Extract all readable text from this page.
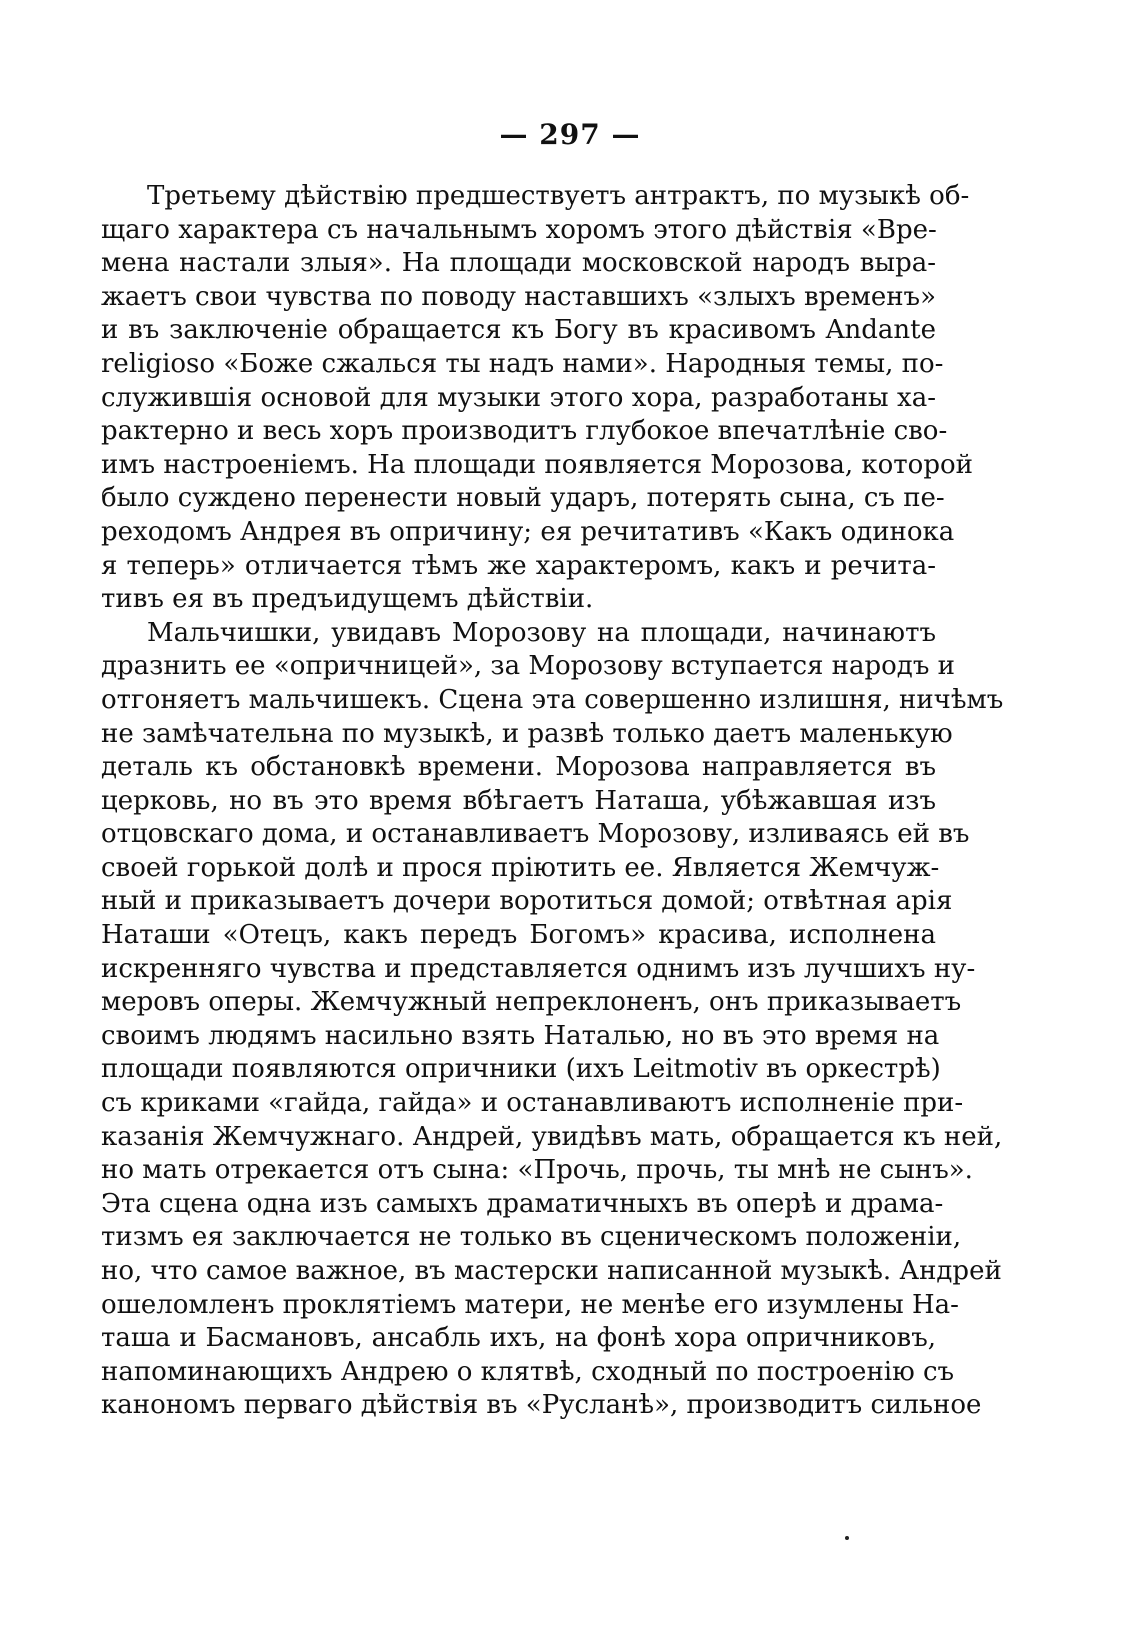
— 297 —
Третьему дѣйствію предшествуетъ антрактъ, по музыкѣ об-
щаго характера съ начальнымъ хоромъ этого дѣйствія «Вре-
мена настали злыя». На площади московской народъ выра-
жаетъ свои чувства по поводу наставшихъ «злыхъ временъ»
и въ заключеніе обращается къ Богу въ красивомъ Andante
religioso «Боже сжалься ты надъ нами». Народныя темы, по-
служившія основой для музыки этого хора, разработаны ха-
рактерно и весь хоръ производитъ глубокое впечатлѣніе сво-
имъ настроеніемъ. На площади появляется Морозова, которой
было суждено перенести новый ударъ, потерять сына, съ пе-
реходомъ Андрея въ опричину; ея речитативъ «Какъ одинока
я теперь» отличается тѣмъ же характеромъ, какъ и речита-
тивъ ея въ предъидущемъ дѣйствіи.
Мальчишки, увидавъ Морозову на площади, начинаютъ
дразнить ее «опричницей», за Морозову вступается народъ и
отгоняетъ мальчишекъ. Сцена эта совершенно излишня, ничѣмъ
не замѣчательна по музыкѣ, и развѣ только даетъ маленькую
деталь къ обстановкѣ времени. Морозова направляется въ
церковь, но въ это время вбѣгаетъ Наташа, убѣжавшая изъ
отцовскаго дома, и останавливаетъ Морозову, изливаясь ей въ
своей горькой долѣ и прося пріютить ее. Является Жемчуж-
ный и приказываетъ дочери воротиться домой; отвѣтная арія
Наташи «Отецъ, какъ передъ Богомъ» красива, исполнена
искренняго чувства и представляется однимъ изъ лучшихъ ну-
меровъ оперы. Жемчужный непреклоненъ, онъ приказываетъ
своимъ людямъ насильно взять Наталью, но въ это время на
площади появляются опричники (ихъ Leitmotiv въ оркестрѣ)
съ криками «гайда, гайда» и останавливаютъ исполненіе при-
казанія Жемчужнаго. Андрей, увидѣвъ мать, обращается къ ней,
но мать отрекается отъ сына: «Прочь, прочь, ты мнѣ не сынъ».
Эта сцена одна изъ самыхъ драматичныхъ въ оперѣ и драма-
тизмъ ея заключается не только въ сценическомъ положеніи,
но, что самое важное, въ мастерски написанной музыкѣ. Андрей
ошеломленъ проклятіемъ матери, не менѣе его изумлены На-
таша и Басмановъ, ансабль ихъ, на фонѣ хора опричниковъ,
напоминающихъ Андрею о клятвѣ, сходный по построенію съ
канономъ перваго дѣйствія въ «Русланѣ», производитъ сильное
